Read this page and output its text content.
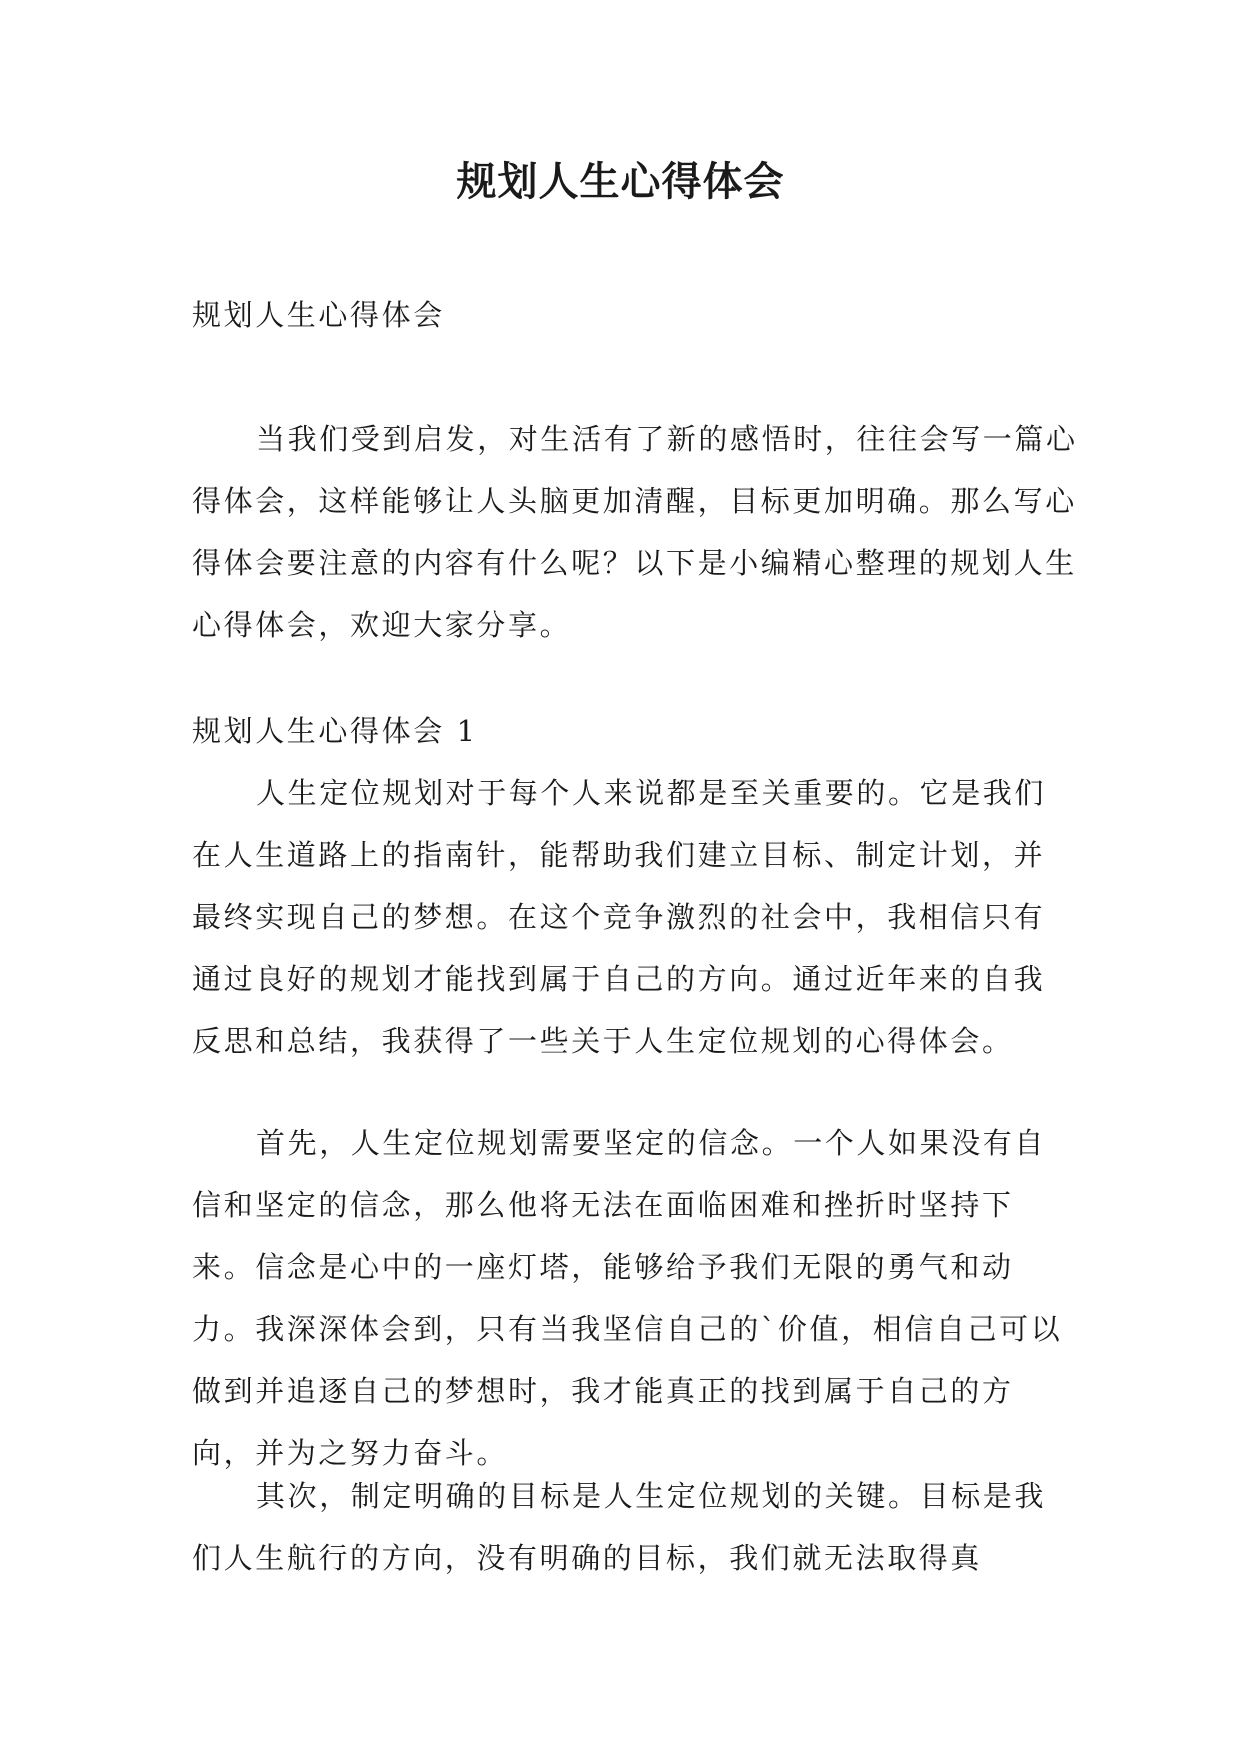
规划人生心得体会

规划人生心得体会

当我们受到启发，对生活有了新的感悟时，往往会写一篇心得体会，这样能够让人头脑更加清醒，目标更加明确。那么写心得体会要注意的内容有什么呢？以下是小编精心整理的规划人生心得体会，欢迎大家分享。

规划人生心得体会 1

人生定位规划对于每个人来说都是至关重要的。它是我们在人生道路上的指南针，能帮助我们建立目标、制定计划，并最终实现自己的梦想。在这个竞争激烈的社会中，我相信只有通过良好的规划才能找到属于自己的方向。通过近年来的自我反思和总结，我获得了一些关于人生定位规划的心得体会。

首先，人生定位规划需要坚定的信念。一个人如果没有自信和坚定的信念，那么他将无法在面临困难和挫折时坚持下来。信念是心中的一座灯塔，能够给予我们无限的勇气和动力。我深深体会到，只有当我坚信自己的`价值，相信自己可以做到并追逐自己的梦想时，我才能真正的找到属于自己的方向，并为之努力奋斗。

其次，制定明确的目标是人生定位规划的关键。目标是我们人生航行的方向，没有明确的目标，我们就无法取得真
